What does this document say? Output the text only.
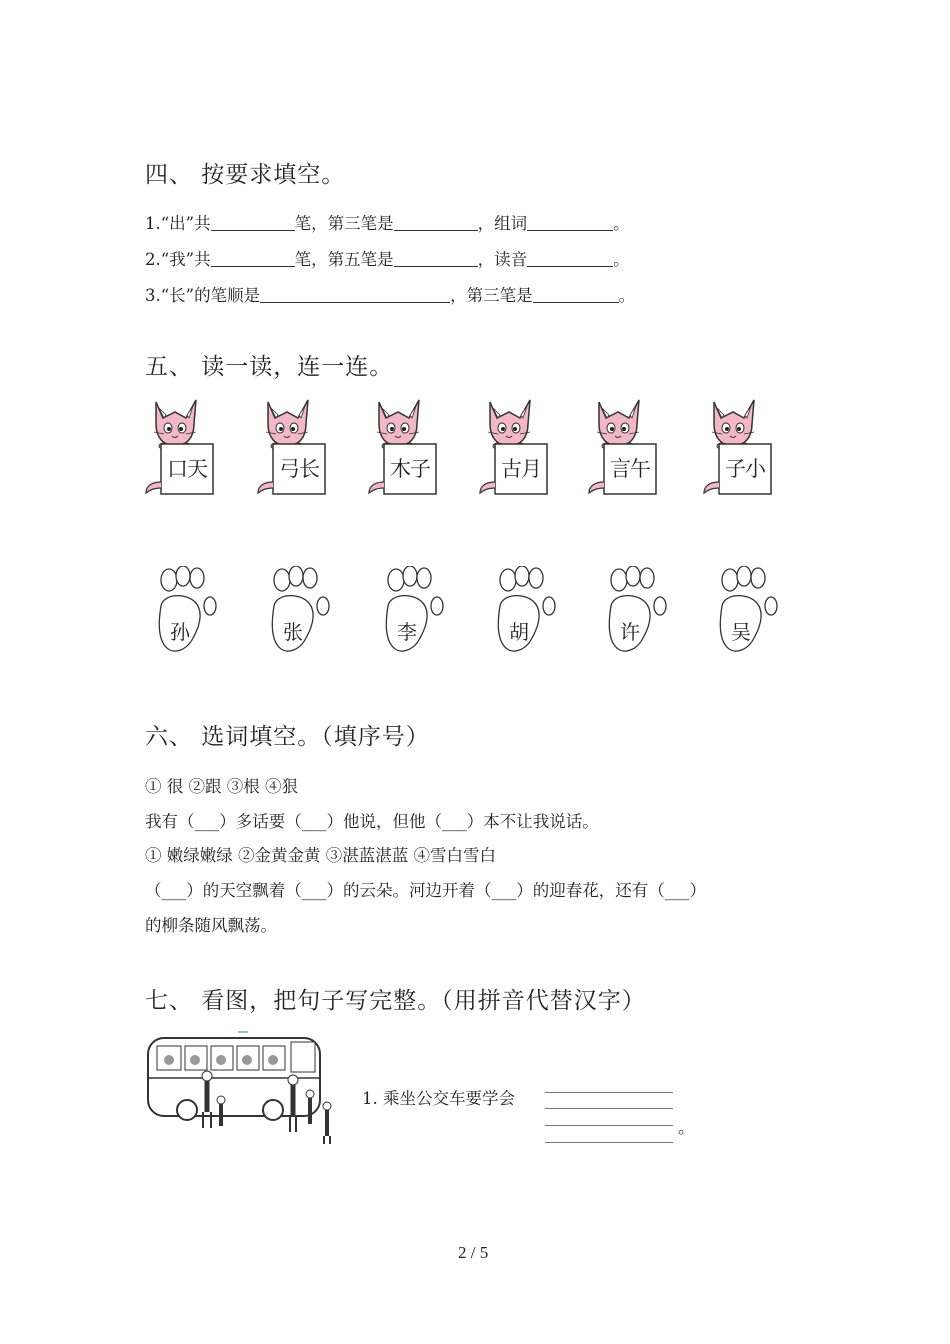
四、 按要求填空。
1.“出”共	笔，第三笔是	，组词	。
2.“我”共	笔，第五笔是	，读音	。
3.“长”的笔顺是	，第三笔是	。
五、 读一读，连一连。
口天	弓长	木子	古月	言午	子小
孙	张	李	胡	许	吴
六、 选词填空。（填序号）
① 很 ②跟 ③根 ④狠
我有（___）多话要（___）他说，但他（___）本不让我说话。
① 嫩绿嫩绿 ②金黄金黄 ③湛蓝湛蓝 ④雪白雪白
（___）的天空飘着（___）的云朵。河边开着（___）的迎春花，还有（___）
的柳条随风飘荡。
七、 看图，把句子写完整。（用拼音代替汉字）
1. 乘坐公交车要学会
。
2 / 5
